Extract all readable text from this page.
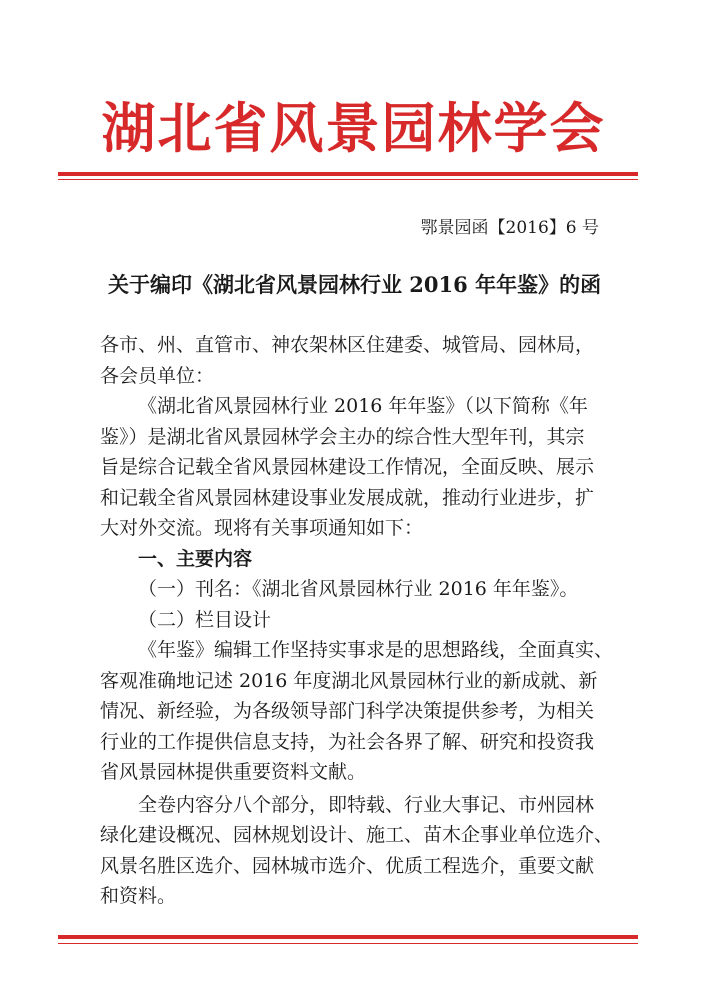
湖北省风景园林学会
鄂景园函【2016】6 号
关于编印《湖北省风景园林行业 2016 年年鉴》的函

各市、州、直管市、神农架林区住建委、城管局、园林局，

各会员单位：

《湖北省风景园林行业 2016 年年鉴》（以下简称《年

鉴》）是湖北省风景园林学会主办的综合性大型年刊，其宗

旨是综合记载全省风景园林建设工作情况，全面反映、展示

和记载全省风景园林建设事业发展成就，推动行业进步，扩

大对外交流。现将有关事项通知如下：

一、主要内容

（一）刊名：《湖北省风景园林行业 2016 年年鉴》。

（二）栏目设计

《年鉴》编辑工作坚持实事求是的思想路线，全面真实、

客观准确地记述 2016 年度湖北风景园林行业的新成就、新

情况、新经验，为各级领导部门科学决策提供参考，为相关

行业的工作提供信息支持，为社会各界了解、研究和投资我

省风景园林提供重要资料文献。

全卷内容分八个部分，即特载、行业大事记、市州园林

绿化建设概况、园林规划设计、施工、苗木企事业单位选介、

风景名胜区选介、园林城市选介、优质工程选介，重要文献

和资料。
